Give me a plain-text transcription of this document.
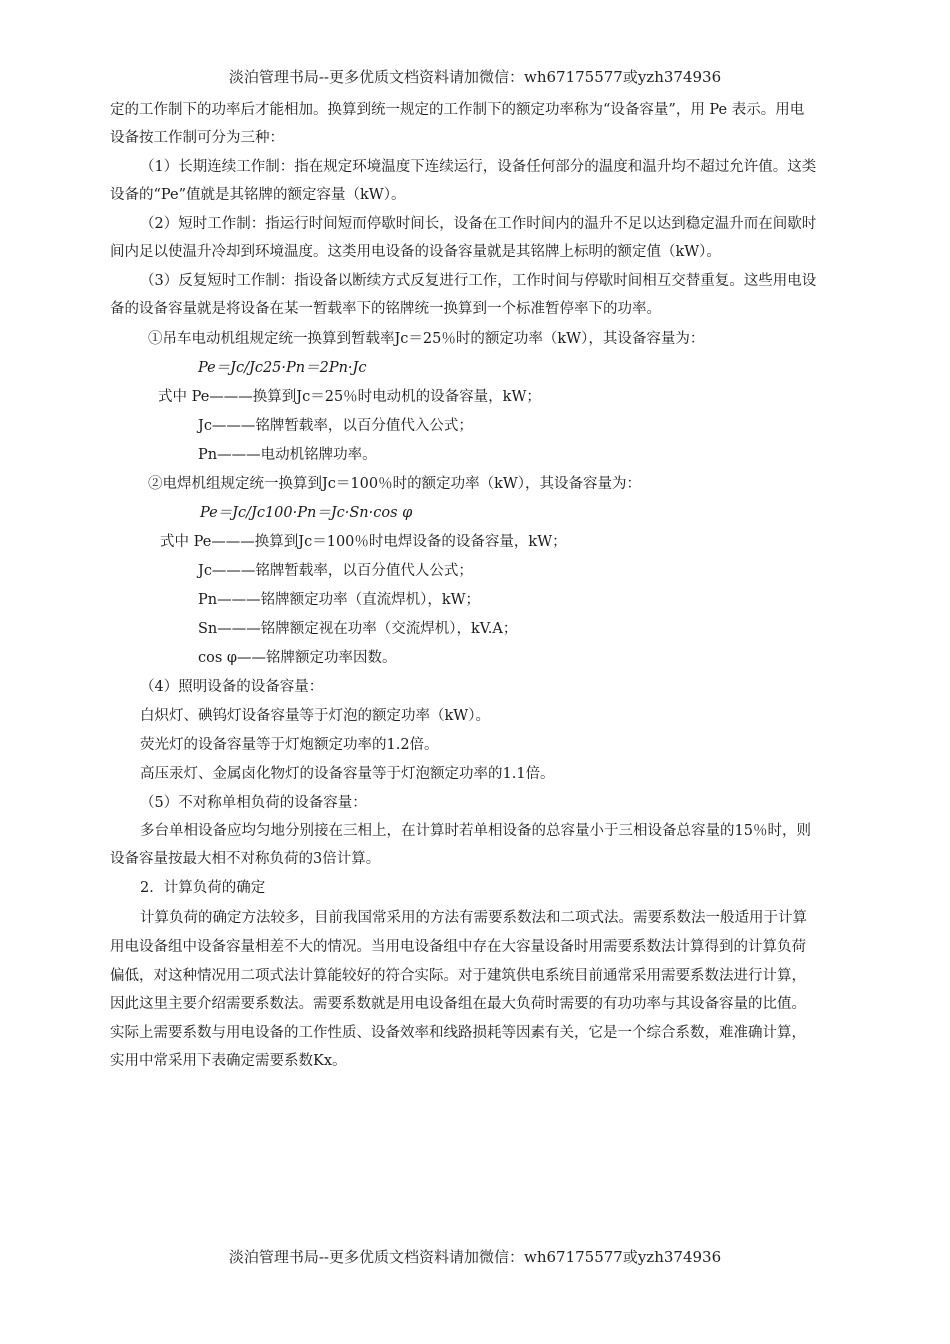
淡泊管理书局--更多优质文档资料请加微信：wh67175577或yzh374936
定的工作制下的功率后才能相加。换算到统一规定的工作制下的额定功率称为“设备容量”，用 Pe 表示。用电
设备按工作制可分为三种：
（1）长期连续工作制：指在规定环境温度下连续运行，设备任何部分的温度和温升均不超过允许值。这类
设备的“Pe”值就是其铭牌的额定容量（kW）。
（2）短时工作制：指运行时间短而停歇时间长，设备在工作时间内的温升不足以达到稳定温升而在间歇时
间内足以使温升冷却到环境温度。这类用电设备的设备容量就是其铭牌上标明的额定值（kW）。
（3）反复短时工作制：指设备以断续方式反复进行工作，工作时间与停歇时间相互交替重复。这些用电设
备的设备容量就是将设备在某一暂载率下的铭牌统一换算到一个标准暂停率下的功率。
①吊车电动机组规定统一换算到暂载率Jc＝25％时的额定功率（kW），其设备容量为：
Pe＝Jc/Jc25·Pn＝2Pn·Jc
式中 Pe———换算到Jc＝25％时电动机的设备容量，kW；
Jc———铭牌暂载率，以百分值代入公式；
Pn———电动机铭牌功率。
②电焊机组规定统一换算到Jc＝100％时的额定功率（kW），其设备容量为：
Pe＝Jc/Jc100·Pn＝Jc·Sn·cos φ
式中 Pe———换算到Jc＝100％时电焊设备的设备容量，kW；
Jc———铭牌暂载率，以百分值代人公式；
Pn———铭牌额定功率（直流焊机），kW；
Sn———铭牌额定视在功率（交流焊机），kV.A；
cos φ——铭牌额定功率因数。
（4）照明设备的设备容量：
白炽灯、碘钨灯设备容量等于灯泡的额定功率（kW）。
荧光灯的设备容量等于灯炮额定功率的1.2倍。
高压汞灯、金属卤化物灯的设备容量等于灯泡额定功率的1.1倍。
（5）不对称单相负荷的设备容量：
多台单相设备应均匀地分别接在三相上，在计算时若单相设备的总容量小于三相设备总容量的15％时，则
设备容量按最大相不对称负荷的3倍计算。
2．计算负荷的确定
计算负荷的确定方法较多，目前我国常采用的方法有需要系数法和二项式法。需要系数法一般适用于计算
用电设备组中设备容量相差不大的情况。当用电设备组中存在大容量设备时用需要系数法计算得到的计算负荷
偏低，对这种情况用二项式法计算能较好的符合实际。对于建筑供电系统目前通常采用需要系数法进行计算，
因此这里主要介绍需要系数法。需要系数就是用电设备组在最大负荷时需要的有功功率与其设备容量的比值。
实际上需要系数与用电设备的工作性质、设备效率和线路损耗等因素有关，它是一个综合系数，难准确计算，
实用中常采用下表确定需要系数Kx。
淡泊管理书局--更多优质文档资料请加微信：wh67175577或yzh374936
